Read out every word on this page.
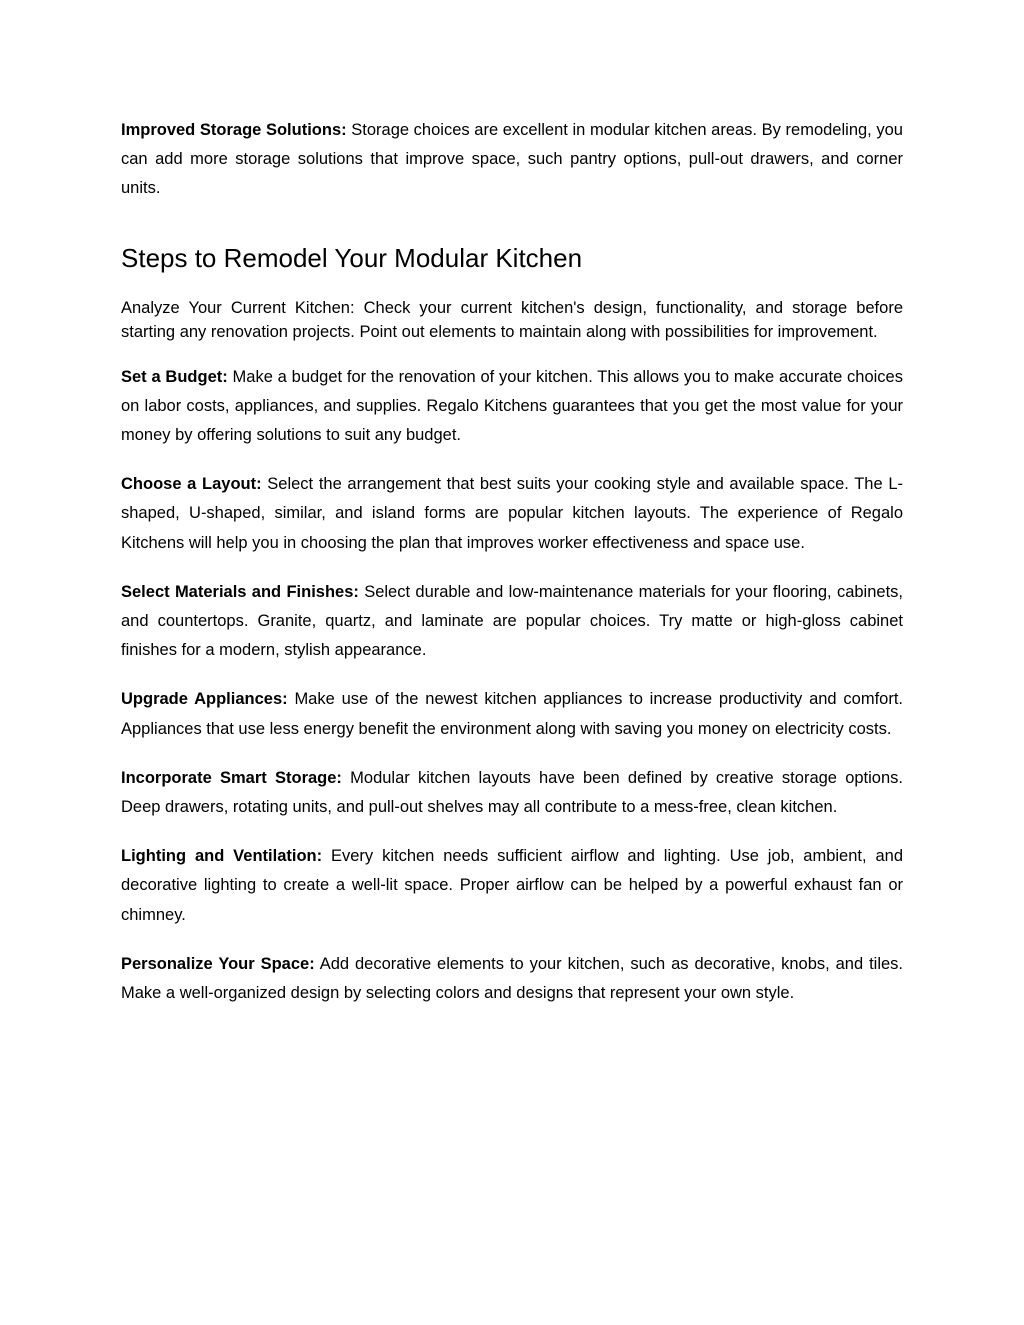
Improved Storage Solutions: Storage choices are excellent in modular kitchen areas. By remodeling, you can add more storage solutions that improve space, such pantry options, pull-out drawers, and corner units.

Steps to Remodel Your Modular Kitchen

Analyze Your Current Kitchen: Check your current kitchen's design, functionality, and storage before starting any renovation projects. Point out elements to maintain along with possibilities for improvement.

Set a Budget: Make a budget for the renovation of your kitchen. This allows you to make accurate choices on labor costs, appliances, and supplies. Regalo Kitchens guarantees that you get the most value for your money by offering solutions to suit any budget.

Choose a Layout: Select the arrangement that best suits your cooking style and available space. The L-shaped, U-shaped, similar, and island forms are popular kitchen layouts. The experience of Regalo Kitchens will help you in choosing the plan that improves worker effectiveness and space use.

Select Materials and Finishes: Select durable and low-maintenance materials for your flooring, cabinets, and countertops. Granite, quartz, and laminate are popular choices. Try matte or high-gloss cabinet finishes for a modern, stylish appearance.

Upgrade Appliances: Make use of the newest kitchen appliances to increase productivity and comfort. Appliances that use less energy benefit the environment along with saving you money on electricity costs.

Incorporate Smart Storage: Modular kitchen layouts have been defined by creative storage options. Deep drawers, rotating units, and pull-out shelves may all contribute to a mess-free, clean kitchen.

Lighting and Ventilation: Every kitchen needs sufficient airflow and lighting. Use job, ambient, and decorative lighting to create a well-lit space. Proper airflow can be helped by a powerful exhaust fan or chimney.

Personalize Your Space: Add decorative elements to your kitchen, such as decorative, knobs, and tiles. Make a well-organized design by selecting colors and designs that represent your own style.
